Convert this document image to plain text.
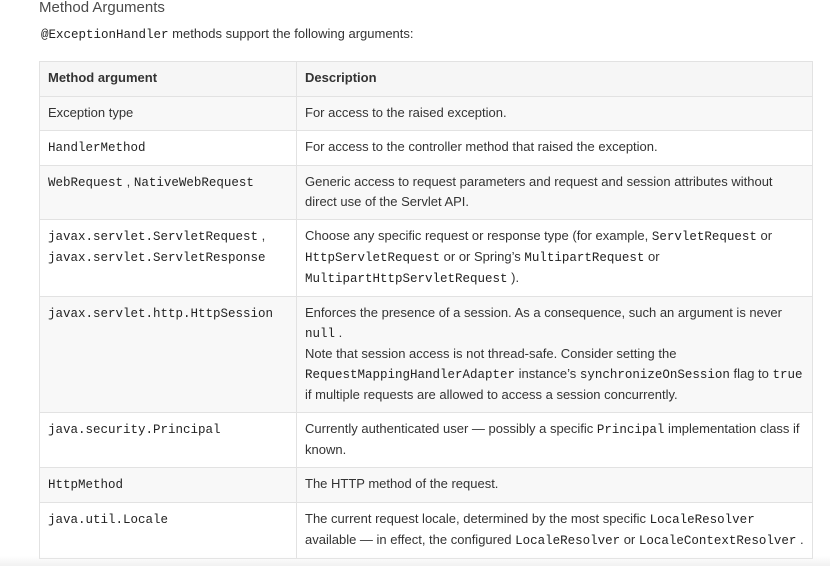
Method Arguments

@ExceptionHandler methods support the following arguments:

Method argument	Description
Exception type	For access to the raised exception.
HandlerMethod	For access to the controller method that raised the exception.
WebRequest , NativeWebRequest	Generic access to request parameters and request and session attributes without direct use of the Servlet API.
javax.servlet.ServletRequest ,
javax.servlet.ServletResponse	Choose any specific request or response type (for example, ServletRequest or HttpServletRequest or or Spring’s MultipartRequest or MultipartHttpServletRequest ).
javax.servlet.http.HttpSession	Enforces the presence of a session. As a consequence, such an argument is never null .
Note that session access is not thread-safe. Consider setting the RequestMappingHandlerAdapter instance’s synchronizeOnSession flag to true if multiple requests are allowed to access a session concurrently.
java.security.Principal	Currently authenticated user — possibly a specific Principal implementation class if known.
HttpMethod	The HTTP method of the request.
java.util.Locale	The current request locale, determined by the most specific LocaleResolver available — in effect, the configured LocaleResolver or LocaleContextResolver .
